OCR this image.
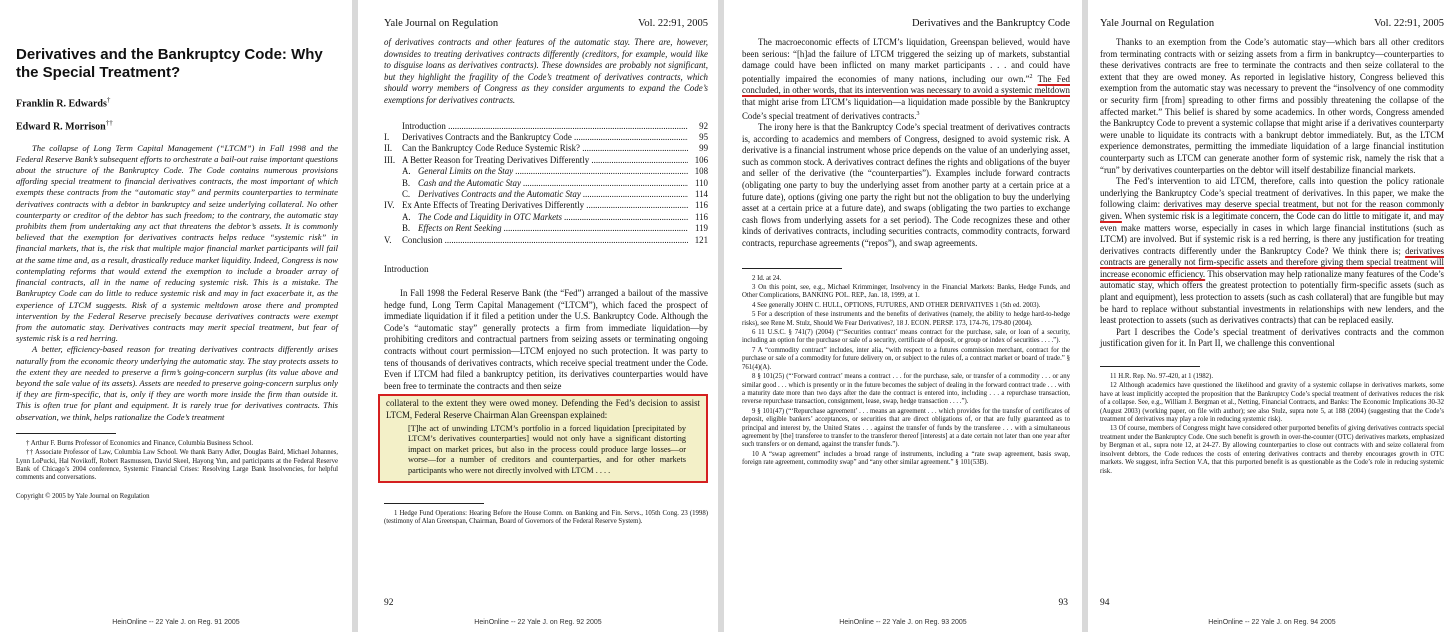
Derivatives and the Bankruptcy Code: Why the Special Treatment?
Franklin R. Edwards†
Edward R. Morrison††

The collapse of Long Term Capital Management (“LTCM”) in Fall 1998 and the Federal Reserve Bank’s subsequent efforts to orchestrate a bail-out raise important questions about the structure of the Bankruptcy Code. The Code contains numerous provisions affording special treatment to financial derivatives contracts, the most important of which exempts these contracts from the “automatic stay” and permits counterparties to terminate derivatives contracts with a debtor in bankruptcy and seize underlying collateral. No other counterparty or creditor of the debtor has such freedom; to the contrary, the automatic stay prohibits them from undertaking any act that threatens the debtor’s assets. It is commonly believed that the exemption for derivatives contracts helps reduce “systemic risk” in financial markets, that is, the risk that multiple major financial market participants will fail at the same time and, as a result, drastically reduce market liquidity. Indeed, Congress is now contemplating reforms that would extend the exemption to include a broader array of financial contracts, all in the name of reducing systemic risk. This is a mistake. The Bankruptcy Code can do little to reduce systemic risk and may in fact exacerbate it, as the experience of LTCM suggests. Risk of a systemic meltdown arose there and prompted intervention by the Federal Reserve precisely because derivatives contracts were exempt from the automatic stay. Derivatives contracts may merit special treatment, but fear of systemic risk is a red herring.

A better, efficiency-based reason for treating derivatives contracts differently arises naturally from the economic theory underlying the automatic stay. The stay protects assets to the extent they are needed to preserve a firm’s going-concern surplus (its value above and beyond the sale value of its assets). Assets are needed to preserve going-concern surplus only if they are firm-specific, that is, only if they are worth more inside the firm than outside it. This is often true for plant and equipment. It is rarely true for derivatives contracts. This observation, we think, helps rationalize the Code’s treatment

† Arthur F. Burns Professor of Economics and Finance, Columbia Business School.

†† Associate Professor of Law, Columbia Law School. We thank Barry Adler, Douglas Baird, Michael Johannes, Lynn LoPucki, Hal Novikoff, Robert Rasmussen, David Skeel, Hayong Yun, and participants at the Federal Reserve Bank of Chicago’s 2004 conference, Systemic Financial Crises: Resolving Large Bank Insolvencies, for helpful comments and conversations.

Copyright © 2005 by Yale Journal on Regulation
HeinOnline -- 22 Yale J. on Reg. 91 2005
Yale Journal on Regulation	Vol. 22:91, 2005

of derivatives contracts and other features of the automatic stay. There are, however, downsides to treating derivatives contracts differently (creditors, for example, would like to disguise loans as derivatives contracts). These downsides are probably not significant, but they highlight the fragility of the Code’s treatment of derivatives contracts, which should worry members of Congress as they consider arguments to expand the Code’s exemptions for derivatives contracts.

Introduction .....	92
I.	Derivatives Contracts and the Bankruptcy Code .....	95
II.	Can the Bankruptcy Code Reduce Systemic Risk? .....	99
III. A Better Reason for Treating Derivatives Differently .....	106
A. General Limits on the Stay .....	108
B. Cash and the Automatic Stay .....	110
C. Derivatives Contracts and the Automatic Stay .....	114
IV. Ex Ante Effects of Treating Derivatives Differently .....	116
A. The Code and Liquidity in OTC Markets .....	116
B. Effects on Rent Seeking .....	119
V.	Conclusion .....	121
Introduction

In Fall 1998 the Federal Reserve Bank (the “Fed”) arranged a bailout of the massive hedge fund, Long Term Capital Management (“LTCM”), which faced the prospect of immediate liquidation if it filed a petition under the U.S. Bankruptcy Code. Although the Code’s “automatic stay” generally protects a firm from immediate liquidation—by prohibiting creditors and contractual partners from seizing assets or terminating ongoing contracts without court permission—LTCM enjoyed no such protection. It was party to tens of thousands of derivatives contracts, which receive special treatment under the Code. Even if LTCM had filed a bankruptcy petition, its derivatives counterparties would have been free to terminate the contracts and then seize

collateral to the extent they were owed money. Defending the Fed’s decision to assist LTCM, Federal Reserve Chairman Alan Greenspan explained:

[T]he act of unwinding LTCM’s portfolio in a forced liquidation [precipitated by LTCM’s derivatives counterparties] would not only have a significant distorting impact on market prices, but also in the process could produce large losses—or worse—for a number of creditors and counterparties, and for other markets participants who were not directly involved with LTCM . . . .

1 Hedge Fund Operations: Hearing Before the House Comm. on Banking and Fin. Servs., 105th Cong. 23 (1998) (testimony of Alan Greenspan, Chairman, Board of Governors of the Federal Reserve System).

92
HeinOnline -- 22 Yale J. on Reg. 92 2005
Derivatives and the Bankruptcy Code

The macroeconomic effects of LTCM’s liquidation, Greenspan believed, would have been serious: “[h]ad the failure of LTCM triggered the seizing up of markets, substantial damage could have been inflicted on many market participants . . . and could have potentially impaired the economies of many nations, including our own.”$^2$ The Fed concluded, in other words, that its intervention was necessary to avoid a systemic meltdown that might arise from LTCM’s liquidation—a liquidation made possible by the Bankruptcy Code’s special treatment of derivatives contracts.$^3$

The irony here is that the Bankruptcy Code’s special treatment of derivatives contracts is, according to academics and members of Congress, designed to avoid systemic risk. A derivative is a financial instrument whose price depends on the value of an underlying asset, such as common stock. A derivatives contract defines the rights and obligations of the buyer and seller of the derivative (the “counterparties”). Examples include forward contracts (obligating one party to buy the underlying asset from another party at a certain price at a future date), options (giving one party the right but not the obligation to buy the underlying asset at a certain price at a future date), and swaps (obligating the two parties to exchange cash flows from underlying assets for a set period). The Code recognizes these and other kinds of derivatives contracts, including securities contracts, commodity contracts, forward contracts, repurchase agreements (“repos”), and swap agreements.

2 Id. at 24.

3 On this point, see, e.g., Michael Krimminger, Insolvency in the Financial Markets: Banks, Hedge Funds, and Other Complications, BANKING POL. REP., Jan. 18, 1999, at 1.

4 See generally JOHN C. HULL, OPTIONS, FUTURES, AND OTHER DERIVATIVES 1 (5th ed. 2003).

5 For a description of these instruments and the benefits of derivatives (namely, the ability to hedge hard-to-hedge risks), see Rene M. Stulz, Should We Fear Derivatives?, 18 J. ECON. PERSP. 173, 174-76, 179-80 (2004).

6 11 U.S.C. § 741(7) (2004) (“‘Securities contract’ means contract for the purchase, sale, or loan of a security, including an option for the purchase or sale of a security, certificate of deposit, or group or index of securities . . . .”).

7 A “commodity contract” includes, inter alia, “with respect to a futures commission merchant, contract for the purchase or sale of a commodity for future delivery on, or subject to the rules of, a contract market or board of trade.” § 761(4)(A).

8 § 101(25) (“‘Forward contract’ means a contract . . . for the purchase, sale, or transfer of a commodity . . . or any similar good . . . which is presently or in the future becomes the subject of dealing in the forward contract trade . . . with a maturity date more than two days after the date the contract is entered into, including . . . a repurchase transaction, reverse repurchase transaction, consignment, lease, swap, hedge transaction . . . .”).

9 § 101(47) (“‘Repurchase agreement’ . . . means an agreement . . . which provides for the transfer of certificates of deposit, eligible bankers’ acceptances, or securities that are direct obligations of, or that are fully guaranteed as to principal and interest by, the United States . . . against the transfer of funds by the transferee . . . with a simultaneous agreement by [the] transferee to transfer to the transferor thereof [interests] at a date certain not later than one year after such transfers or on demand, against the transfer funds.”).

10 A “swap agreement” includes a broad range of instruments, including a “rate swap agreement, basis swap, foreign rate agreement, commodity swap” and “any other similar agreement.” § 101(53B).

93
HeinOnline -- 22 Yale J. on Reg. 93 2005
Yale Journal on Regulation	Vol. 22:91, 2005

Thanks to an exemption from the Code’s automatic stay—which bars all other creditors from terminating contracts with or seizing assets from a firm in bankruptcy—counterparties to these derivatives contracts are free to terminate the contracts and then seize collateral to the extent that they are owed money. As reported in legislative history, Congress believed this exemption from the automatic stay was necessary to prevent the “insolvency of one commodity or security firm [from] spreading to other firms and possibly threatening the collapse of the affected market.” This belief is shared by some academics. In other words, Congress amended the Bankruptcy Code to prevent a systemic collapse that might arise if a derivatives counterparty were unable to liquidate its contracts with a bankrupt debtor immediately. But, as the LTCM experience demonstrates, permitting the immediate liquidation of a large financial institution counterparty such as LTCM can generate another form of systemic risk, namely the risk that a “run” by derivatives counterparties on the debtor will itself destabilize financial markets.

The Fed’s intervention to aid LTCM, therefore, calls into question the policy rationale underlying the Bankruptcy Code’s special treatment of derivatives. In this paper, we make the following claim: derivatives may deserve special treatment, but not for the reason commonly given. When systemic risk is a legitimate concern, the Code can do little to mitigate it, and may even make matters worse, especially in cases in which large financial institutions (such as LTCM) are involved. But if systemic risk is a red herring, is there any justification for treating derivatives contracts differently under the Bankruptcy Code? We think there is; derivatives contracts are generally not firm-specific assets and therefore giving them special treatment will increase economic efficiency. This observation may help rationalize many features of the Code’s automatic stay, which offers the greatest protection to potentially firm-specific assets (such as plant and equipment), less protection to assets (such as cash collateral) that are fungible but may be hard to replace without substantial investments in relationships with new lenders, and the least protection to assets (such as derivatives contracts) that can be replaced easily.

Part I describes the Code’s special treatment of derivatives contracts and the common justification given for it. In Part II, we challenge this conventional

11 H.R. Rep. No. 97-420, at 1 (1982).

12 Although academics have questioned the likelihood and gravity of a systemic collapse in derivatives markets, some have at least implicitly accepted the proposition that the Bankruptcy Code’s special treatment of derivatives reduces the risk of a collapse. See, e.g., William J. Bergman et al., Netting, Financial Contracts, and Banks: The Economic Implications 30-32 (August 2003) (working paper, on file with author); see also Stulz, supra note 5, at 188 (2004) (suggesting that the Code’s treatment of derivatives may play a role in reducing systemic risk).

13 Of course, members of Congress might have considered other purported benefits of giving derivatives contracts special treatment under the Bankruptcy Code. One such benefit is growth in over-the-counter (OTC) derivatives markets, emphasized by Bergman et al., supra note 12, at 24-27. By allowing counterparties to close out contracts with and seize collateral from insolvent debtors, the Code reduces the costs of entering derivatives contracts and thereby encourages growth in OTC markets. We suggest, infra Section V.A, that this purported benefit is as questionable as the Code’s role in reducing systemic risk.

94
HeinOnline -- 22 Yale J. on Reg. 94 2005
